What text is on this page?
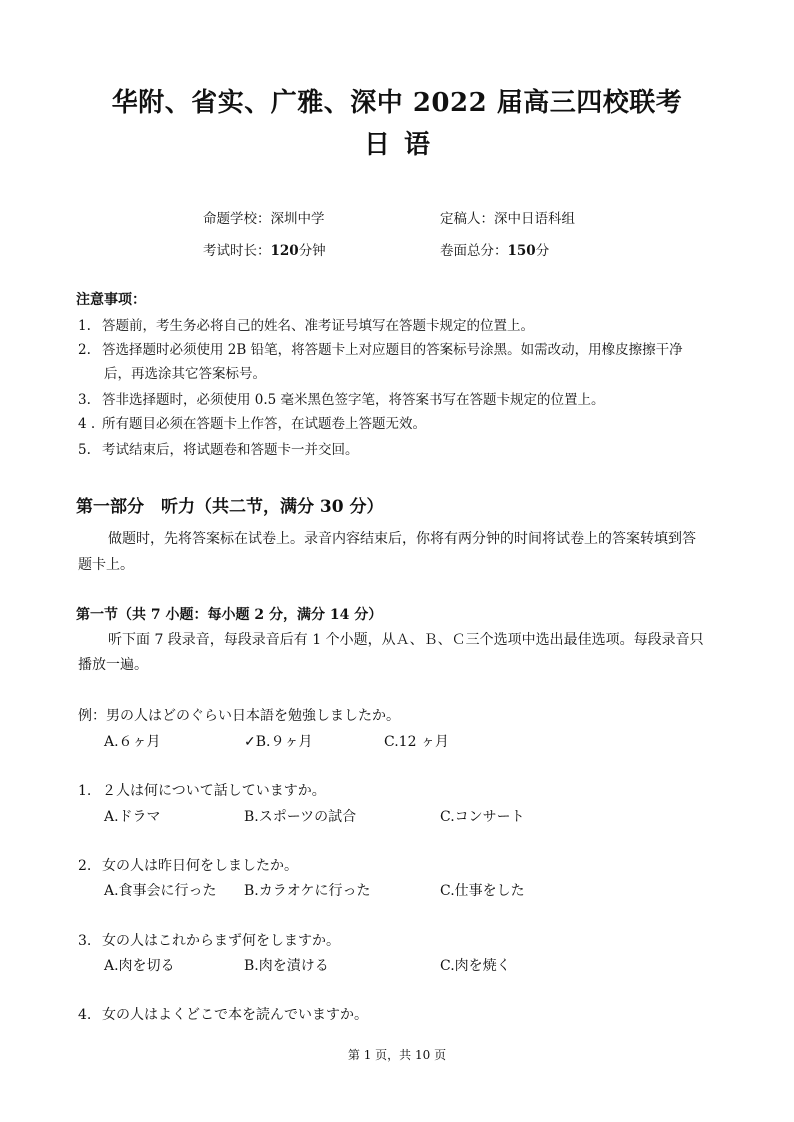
华附、省实、广雅、深中 2022 届高三四校联考
日语
命题学校：深圳中学	定稿人：深中日语科组
考试时长：120分钟	卷面总分：150分
注意事项：
1. 答题前，考生务必将自己的姓名、准考证号填写在答题卡规定的位置上。
2. 答选择题时必须使用 2B 铅笔，将答题卡上对应题目的答案标号涂黑。如需改动，用橡皮擦擦干净
后，再选涂其它答案标号。
3. 答非选择题时，必须使用 0.5 毫米黑色签字笔，将答案书写在答题卡规定的位置上。
4 . 所有题目必须在答题卡上作答，在试题卷上答题无效。
5. 考试结束后，将试题卷和答题卡一并交回。
第一部分　听力（共二节，满分 30 分）
做题时，先将答案标在试卷上。录音内容结束后，你将有两分钟的时间将试卷上的答案转填到答
题卡上。
第一节（共 7 小题：每小题 2 分，满分 14 分）
听下面 7 段录音，每段录音后有 1 个小题，从Ａ、Ｂ、Ｃ三个选项中选出最佳选项。每段录音只
播放一遍。
例：男の人はどのぐらい日本語を勉強しましたか。
A.６ヶ月	✓B.９ヶ月	C.12 ヶ月
1. ２人は何について話していますか。
A.ドラマ	B.スポーツの試合	C.コンサート
2. 女の人は昨日何をしましたか。
A.食事会に行った B.カラオケに行った	C.仕事をした
3. 女の人はこれからまず何をしますか。
A.肉を切る	B.肉を漬ける	C.肉を焼く
4. 女の人はよくどこで本を読んでいますか。
第 1 页，共 10 页
